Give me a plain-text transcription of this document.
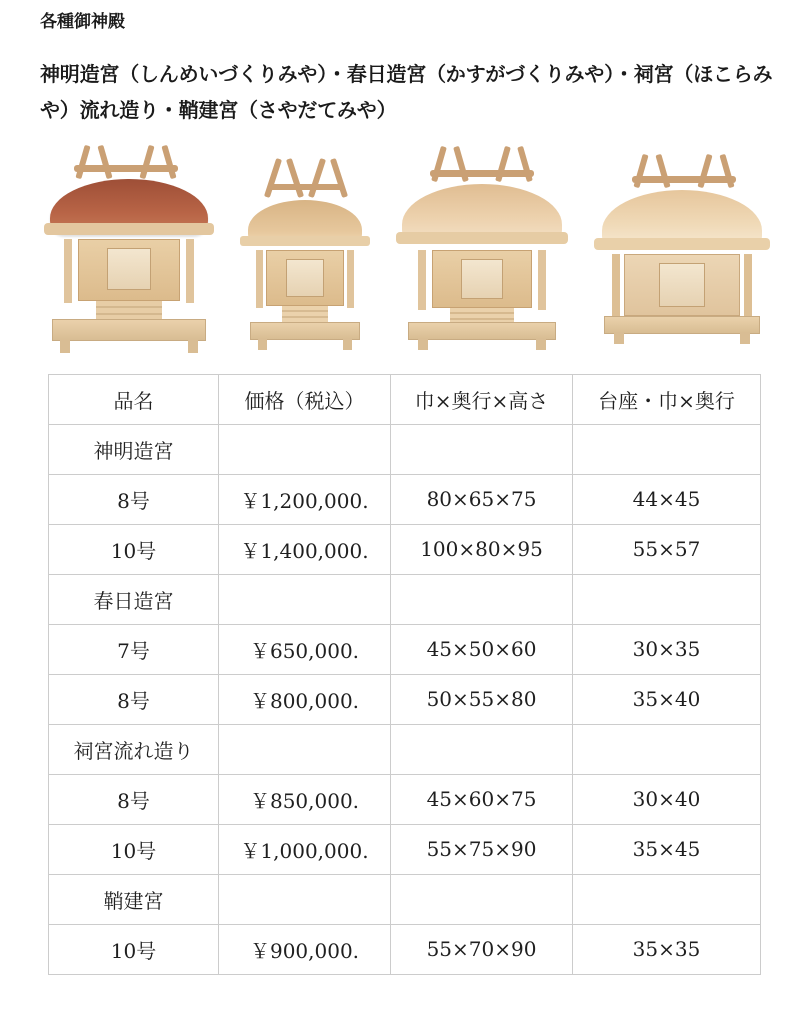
各種御神殿
神明造宮（しんめいづくりみや）・春日造宮（かすがづくりみや）・祠宮（ほこらみや）流れ造り・鞘建宮（さやだてみや）
品名	価格（税込）	巾×奥行×高さ	台座・巾×奥行
神明造宮			
8号	￥1,200,000.	80×65×75	44×45
10号	￥1,400,000.	100×80×95	55×57
春日造宮			
7号	￥650,000.	45×50×60	30×35
8号	￥800,000.	50×55×80	35×40
祠宮流れ造り			
8号	￥850,000.	45×60×75	30×40
10号	￥1,000,000.	55×75×90	35×45
鞘建宮			
10号	￥900,000.	55×70×90	35×35
